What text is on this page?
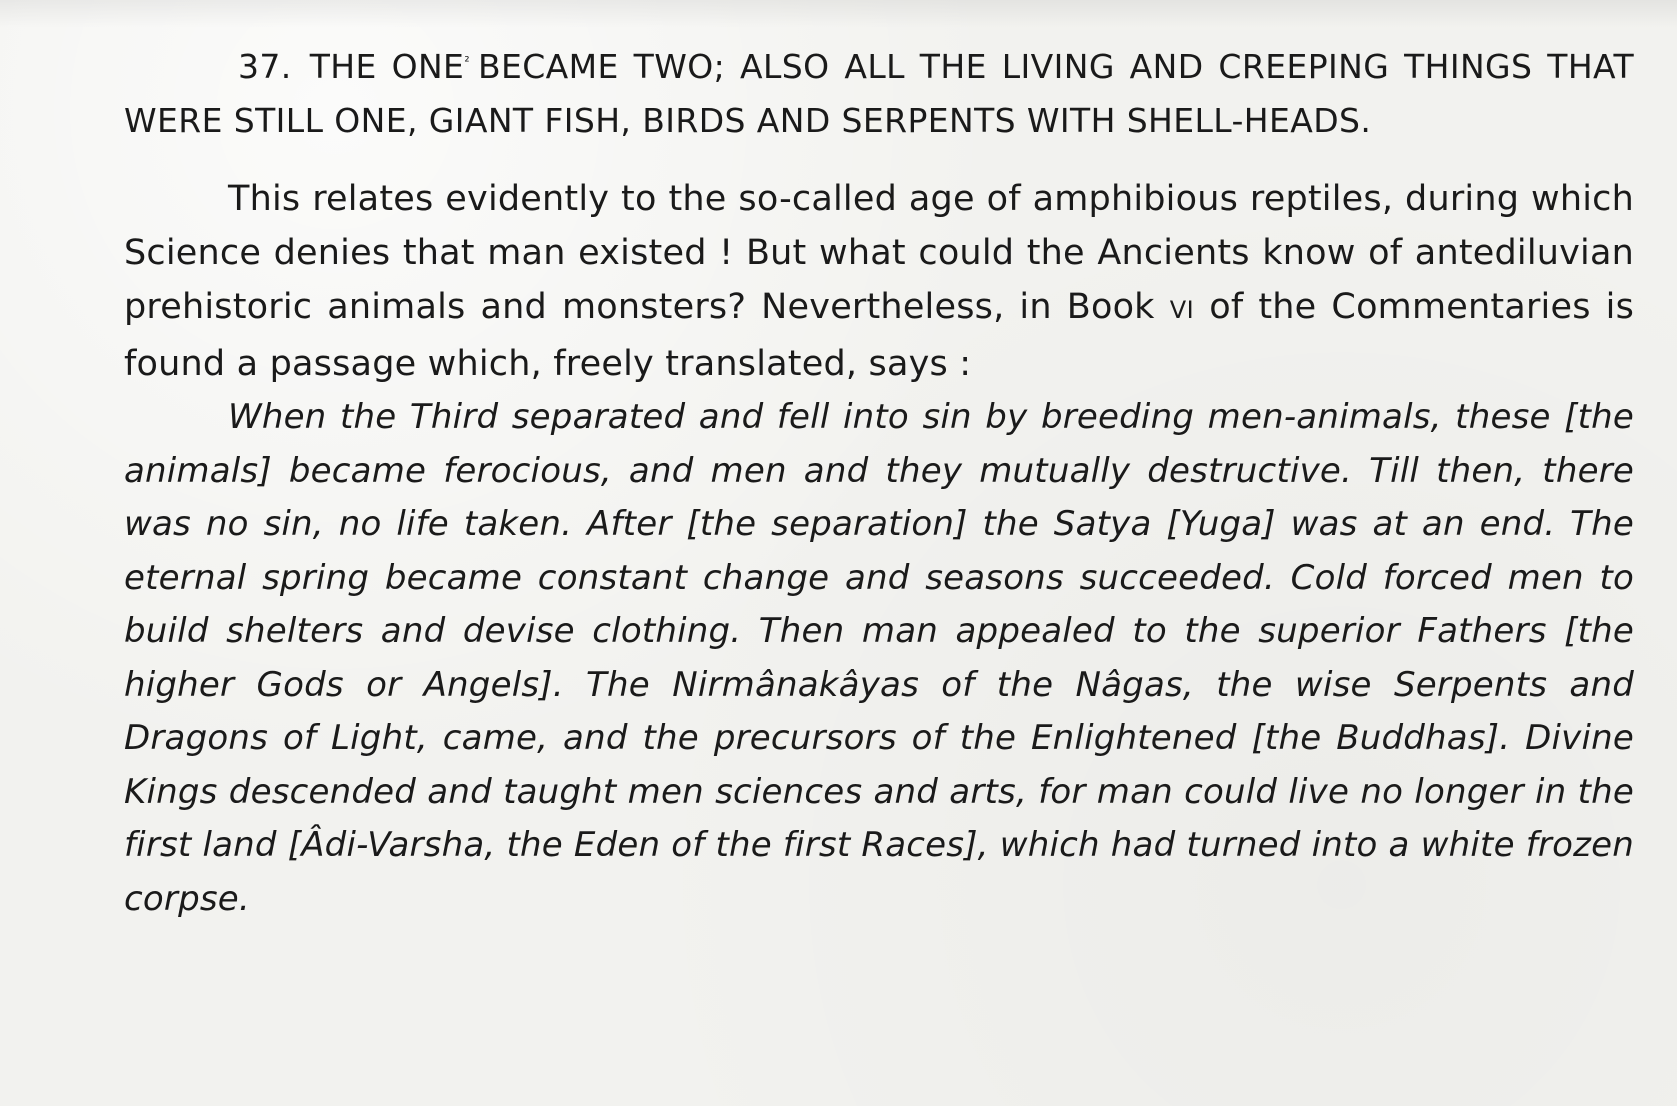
37. THE $ONE^{^2}$ BECAME TWO; ALSO ALL THE LIVING AND CREEPING THINGS THAT WERE STILL ONE, GIANT FISH, BIRDS AND SERPENTS WITH SHELL-HEADS.

This relates evidently to the so-called age of amphibious reptiles, during which Science denies that man existed ! But what could the Ancients know of antediluvian prehistoric animals and monsters? Nevertheless, in Book VI of the Commentaries is found a passage which, freely translated, says :

When the Third separated and fell into sin by breeding men-animals, these [the animals] became ferocious, and men and they mutually destructive. Till then, there was no sin, no life taken. After [the separation] the Satya [Yuga] was at an end. The eternal spring became constant change and seasons succeeded. Cold forced men to build shelters and devise clothing. Then man appealed to the superior Fathers [the higher Gods or Angels]. The Nirmânakâyas of the Nâgas, the wise Serpents and Dragons of Light, came, and the precursors of the Enlightened [the Buddhas]. Divine Kings descended and taught men sciences and arts, for man could live no longer in the first land [Âdi-Varsha, the Eden of the first Races], which had turned into a white frozen corpse.
